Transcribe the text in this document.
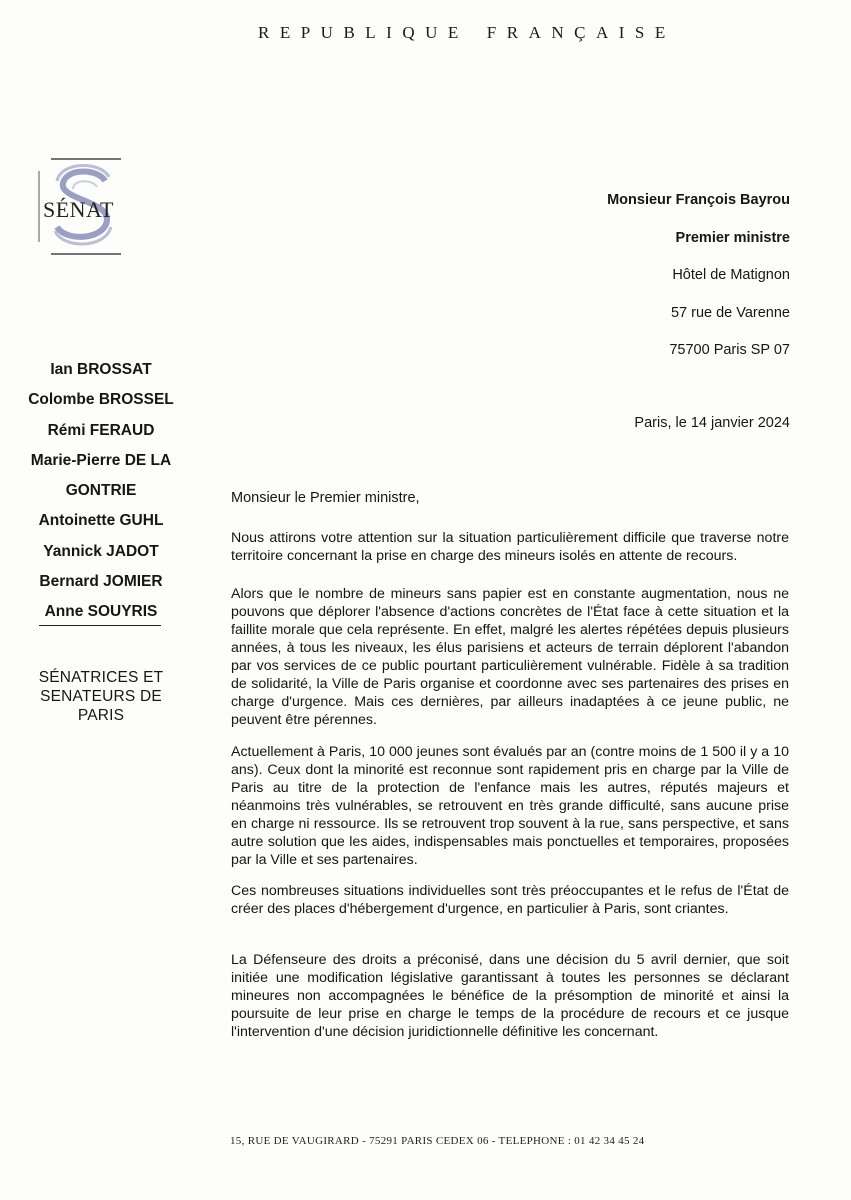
REPUBLIQUE FRANÇAISE
SÉNAT	Monsieur François Bayrou
Premier ministre
Hôtel de Matignon
57 rue de Varenne
75700 Paris SP 07
Paris, le 14 janvier 2024
Ian BROSSAT
Colombe BROSSEL
Rémi FERAUD
Marie-Pierre DE LA
GONTRIE
Antoinette GUHL
Yannick JADOT
Bernard JOMIER
Anne SOUYRIS
SÉNATRICES ET
SENATEURS DE
PARIS
Monsieur le Premier ministre,

Nous attirons votre attention sur la situation particulièrement difficile que traverse notre territoire concernant la prise en charge des mineurs isolés en attente de recours.

Alors que le nombre de mineurs sans papier est en constante augmentation, nous ne pouvons que déplorer l'absence d'actions concrètes de l'État face à cette situation et la faillite morale que cela représente. En effet, malgré les alertes répétées depuis plusieurs années, à tous les niveaux, les élus parisiens et acteurs de terrain déplorent l'abandon par vos services de ce public pourtant particulièrement vulnérable. Fidèle à sa tradition de solidarité, la Ville de Paris organise et coordonne avec ses partenaires des prises en charge d'urgence. Mais ces dernières, par ailleurs inadaptées à ce jeune public, ne peuvent être pérennes.

Actuellement à Paris, 10 000 jeunes sont évalués par an (contre moins de 1 500 il y a 10 ans). Ceux dont la minorité est reconnue sont rapidement pris en charge par la Ville de Paris au titre de la protection de l'enfance mais les autres, réputés majeurs et néanmoins très vulnérables, se retrouvent en très grande difficulté, sans aucune prise en charge ni ressource. Ils se retrouvent trop souvent à la rue, sans perspective, et sans autre solution que les aides, indispensables mais ponctuelles et temporaires, proposées par la Ville et ses partenaires.

Ces nombreuses situations individuelles sont très préoccupantes et le refus de l'État de créer des places d'hébergement d'urgence, en particulier à Paris, sont criantes.

La Défenseure des droits a préconisé, dans une décision du 5 avril dernier, que soit initiée une modification législative garantissant à toutes les personnes se déclarant mineures non accompagnées le bénéfice de la présomption de minorité et ainsi la poursuite de leur prise en charge le temps de la procédure de recours et ce jusque l'intervention d'une décision juridictionnelle définitive les concernant.

15, RUE DE VAUGIRARD - 75291 PARIS CEDEX 06 - TELEPHONE : 01 42 34 45 24
